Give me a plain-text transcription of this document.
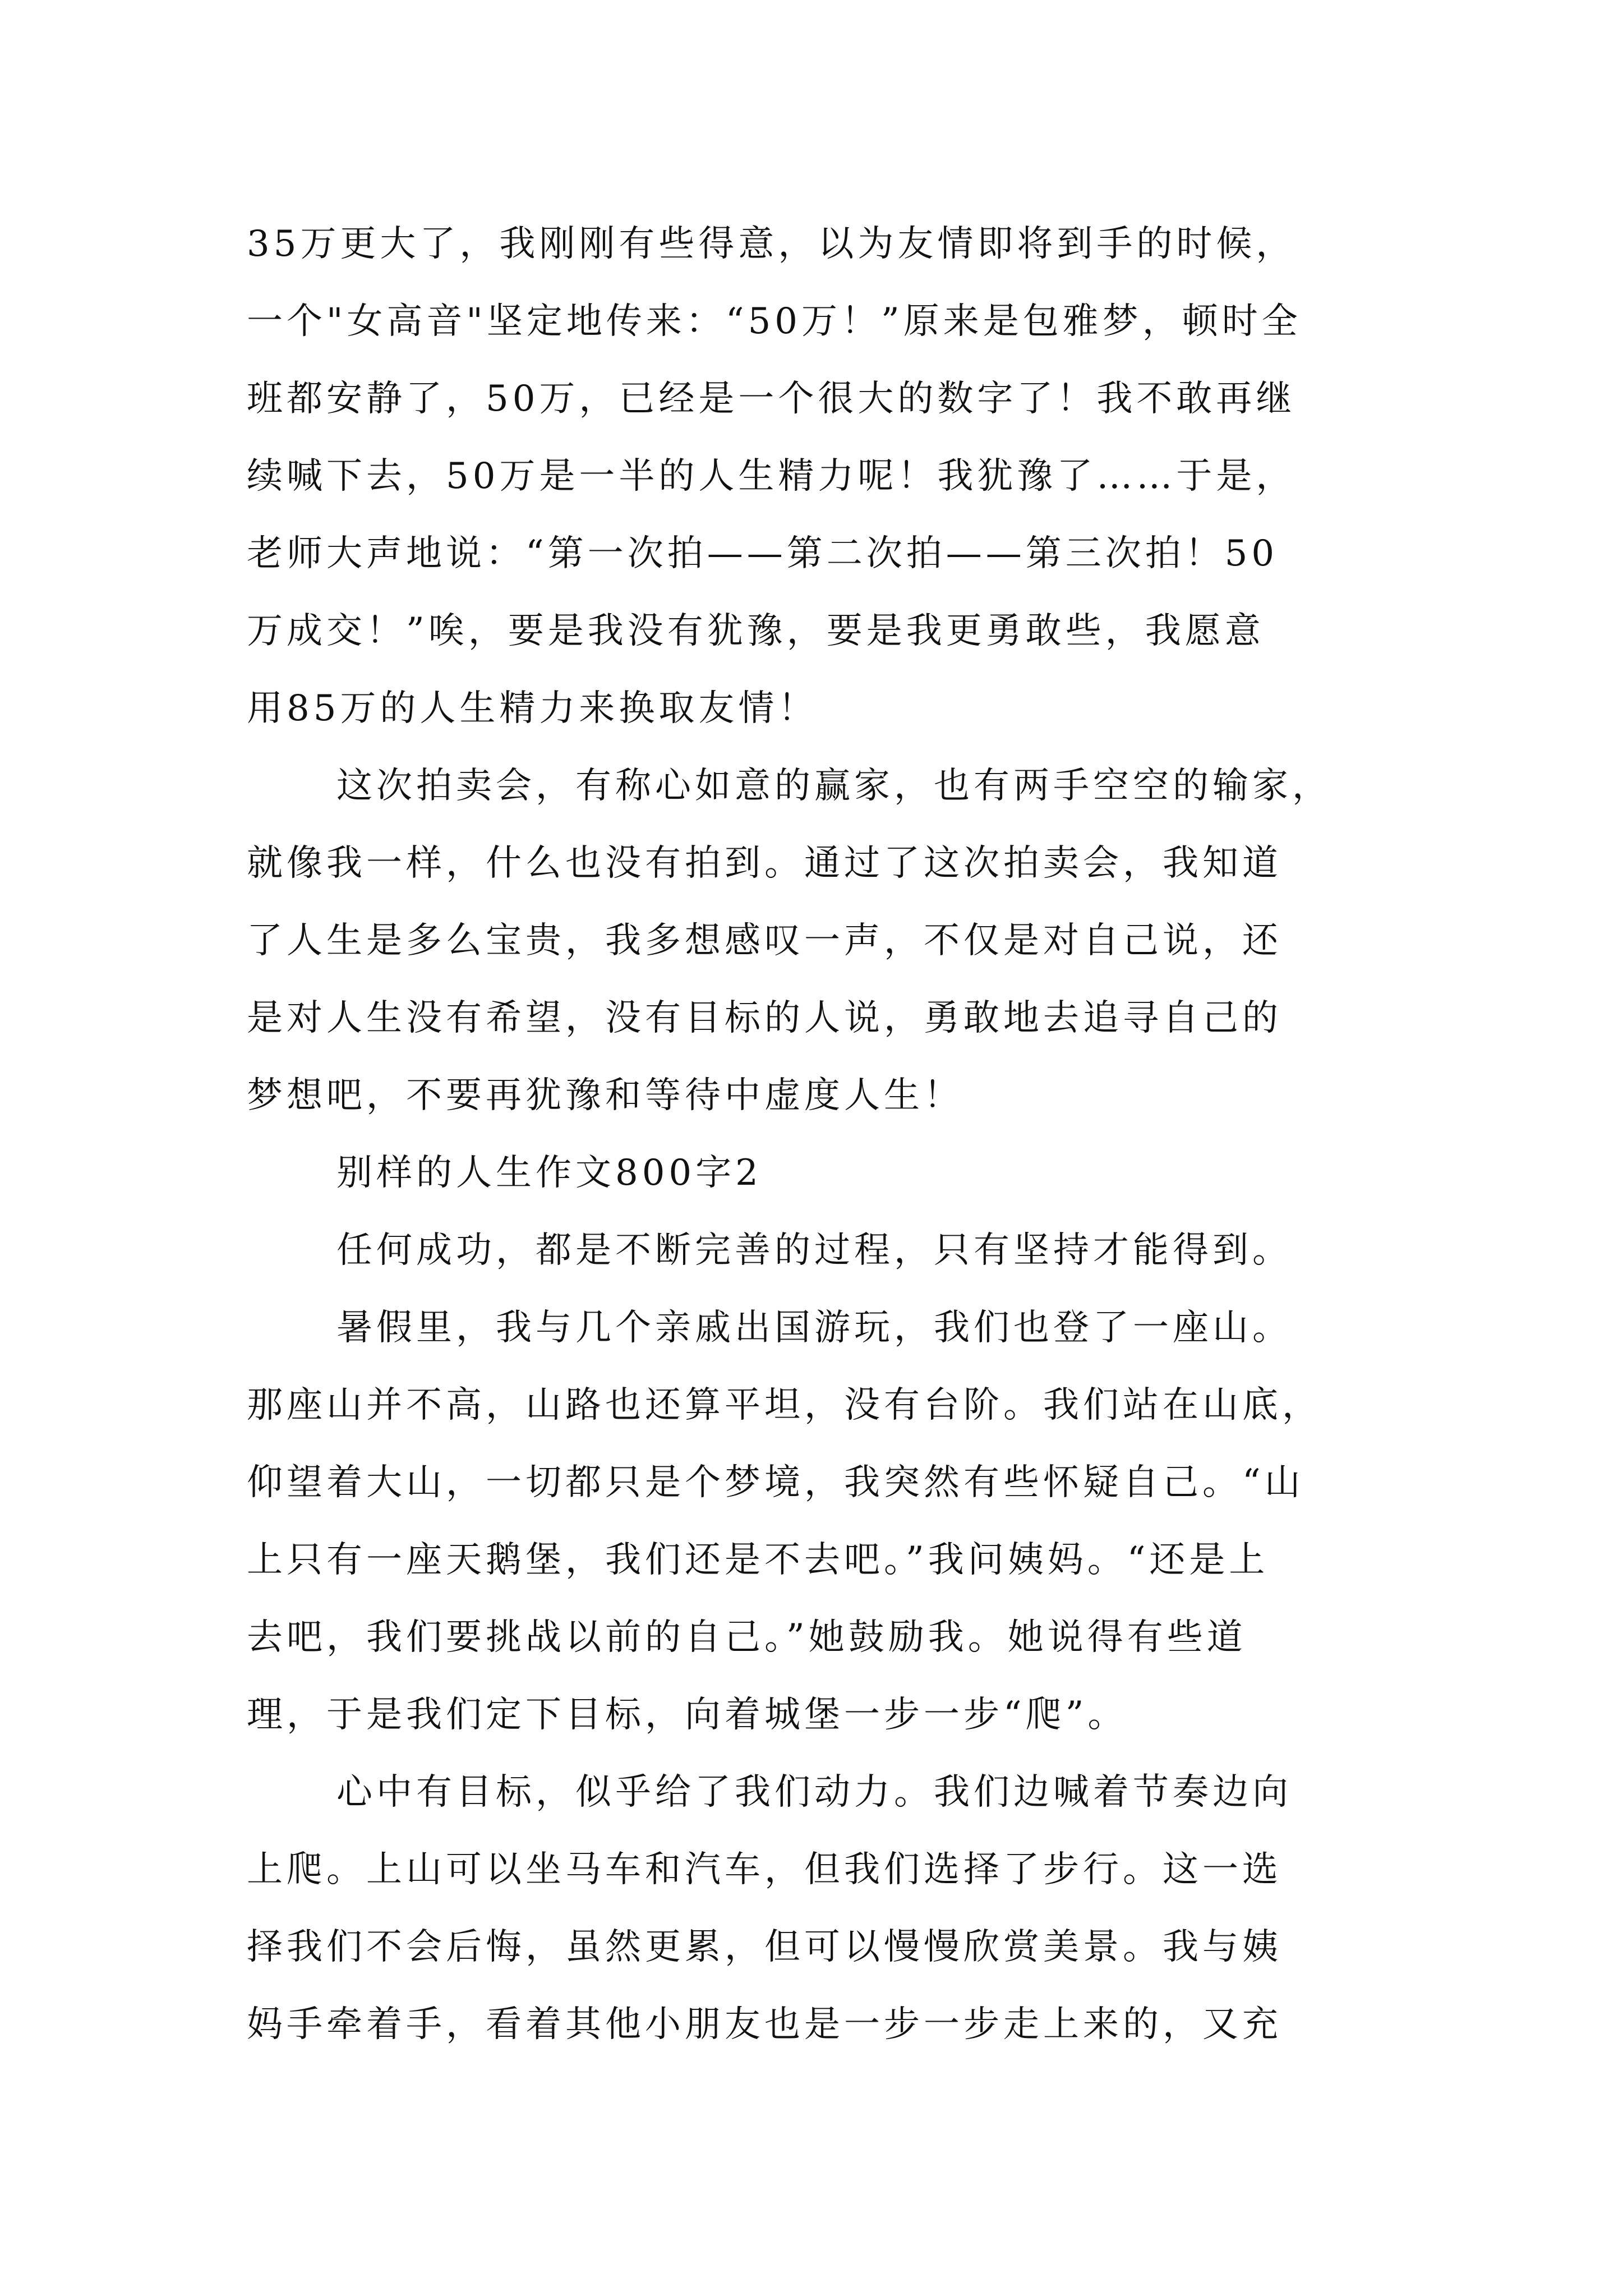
35万更大了，我刚刚有些得意，以为友情即将到手的时候，
一个"女高音"坚定地传来：“50万！”原来是包雅梦，顿时全
班都安静了，50万，已经是一个很大的数字了！我不敢再继
续喊下去，50万是一半的人生精力呢！我犹豫了……于是，
老师大声地说：“第一次拍——第二次拍——第三次拍！50
万成交！”唉，要是我没有犹豫，要是我更勇敢些，我愿意
用85万的人生精力来换取友情！
这次拍卖会，有称心如意的赢家，也有两手空空的输家，
就像我一样，什么也没有拍到。通过了这次拍卖会，我知道
了人生是多么宝贵，我多想感叹一声，不仅是对自己说，还
是对人生没有希望，没有目标的人说，勇敢地去追寻自己的
梦想吧，不要再犹豫和等待中虚度人生！
别样的人生作文800字2
任何成功，都是不断完善的过程，只有坚持才能得到。
暑假里，我与几个亲戚出国游玩，我们也登了一座山。
那座山并不高，山路也还算平坦，没有台阶。我们站在山底，
仰望着大山，一切都只是个梦境，我突然有些怀疑自己。“山
上只有一座天鹅堡，我们还是不去吧。”我问姨妈。“还是上
去吧，我们要挑战以前的自己。”她鼓励我。她说得有些道
理，于是我们定下目标，向着城堡一步一步“爬”。
心中有目标，似乎给了我们动力。我们边喊着节奏边向
上爬。上山可以坐马车和汽车，但我们选择了步行。这一选
择我们不会后悔，虽然更累，但可以慢慢欣赏美景。我与姨
妈手牵着手，看着其他小朋友也是一步一步走上来的，又充
